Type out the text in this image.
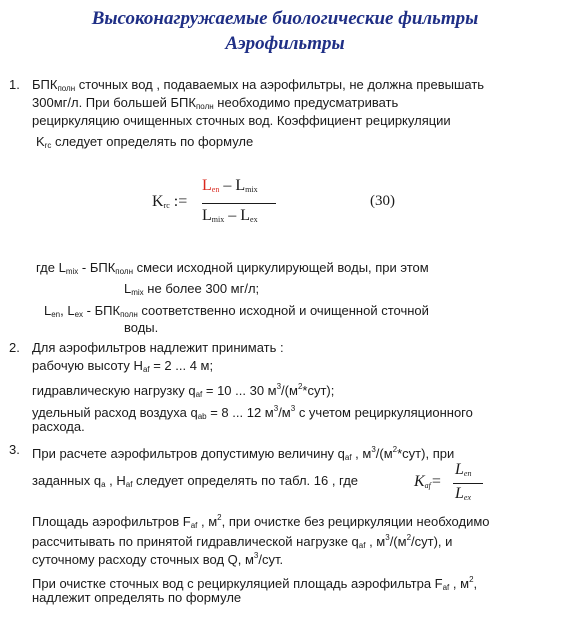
Высоконагружаемые биологические фильтры
Аэрофильтры
1. $БПК_{полн}$ сточных вод , подаваемых на аэрофильтры, не должна превышать
300мг/л. При большей $БПК_{полн}$ необходимо предусматривать
рециркуляцию очищенных сточных вод. Коэффициент рециркуляции
$K_{rc}$ следует определять по формуле
$K_{rc}$ :=
$L_{en} - L_{mix}$
$L_{mix} - L_{ex}$
(30)
где $L_{mix} - БПК_{полн}$ смеси исходной циркулирующей воды, при этом
$L_{mix}$ не более 300 мг/л;
$L_{en}$, $L_{ex} - БПК_{полн}$ соответственно исходной и очищенной сточной
воды.
2. Для аэрофильтров надлежит принимать :
рабочую высоту $H_{af} = 2$ ... 4 м;
гидравлическую нагрузку $q_{af} = 10$ ... 30 $м^3/(м^2*сут)$;
удельный расход воздуха $q_{ab} = 8$ ... 12 $м^3/м^3$ с учетом рециркуляционного
расхода.
3. При расчете аэрофильтров допустимую величину $q_{af}$ , $м^3/(м^2*сут)$, при
заданных $q_a$ , $H_{af}$ следует определять по табл. 16 , где	$K_{af}=$
$L_{en}$
$L_{ex}$
Площадь аэрофильтров $F_{af}$ , $м^2$, при очистке без рециркуляции необходимо
рассчитывать по принятой гидравлической нагрузке $q_{af}$ , $м^3/(м^2/сут)$, и
суточному расходу сточных вод Q, $м^3$/сут.
При очистке сточных вод с рециркуляцией площадь аэрофильтра $F_{af}$ , $м^2$,
надлежит определять по формуле
